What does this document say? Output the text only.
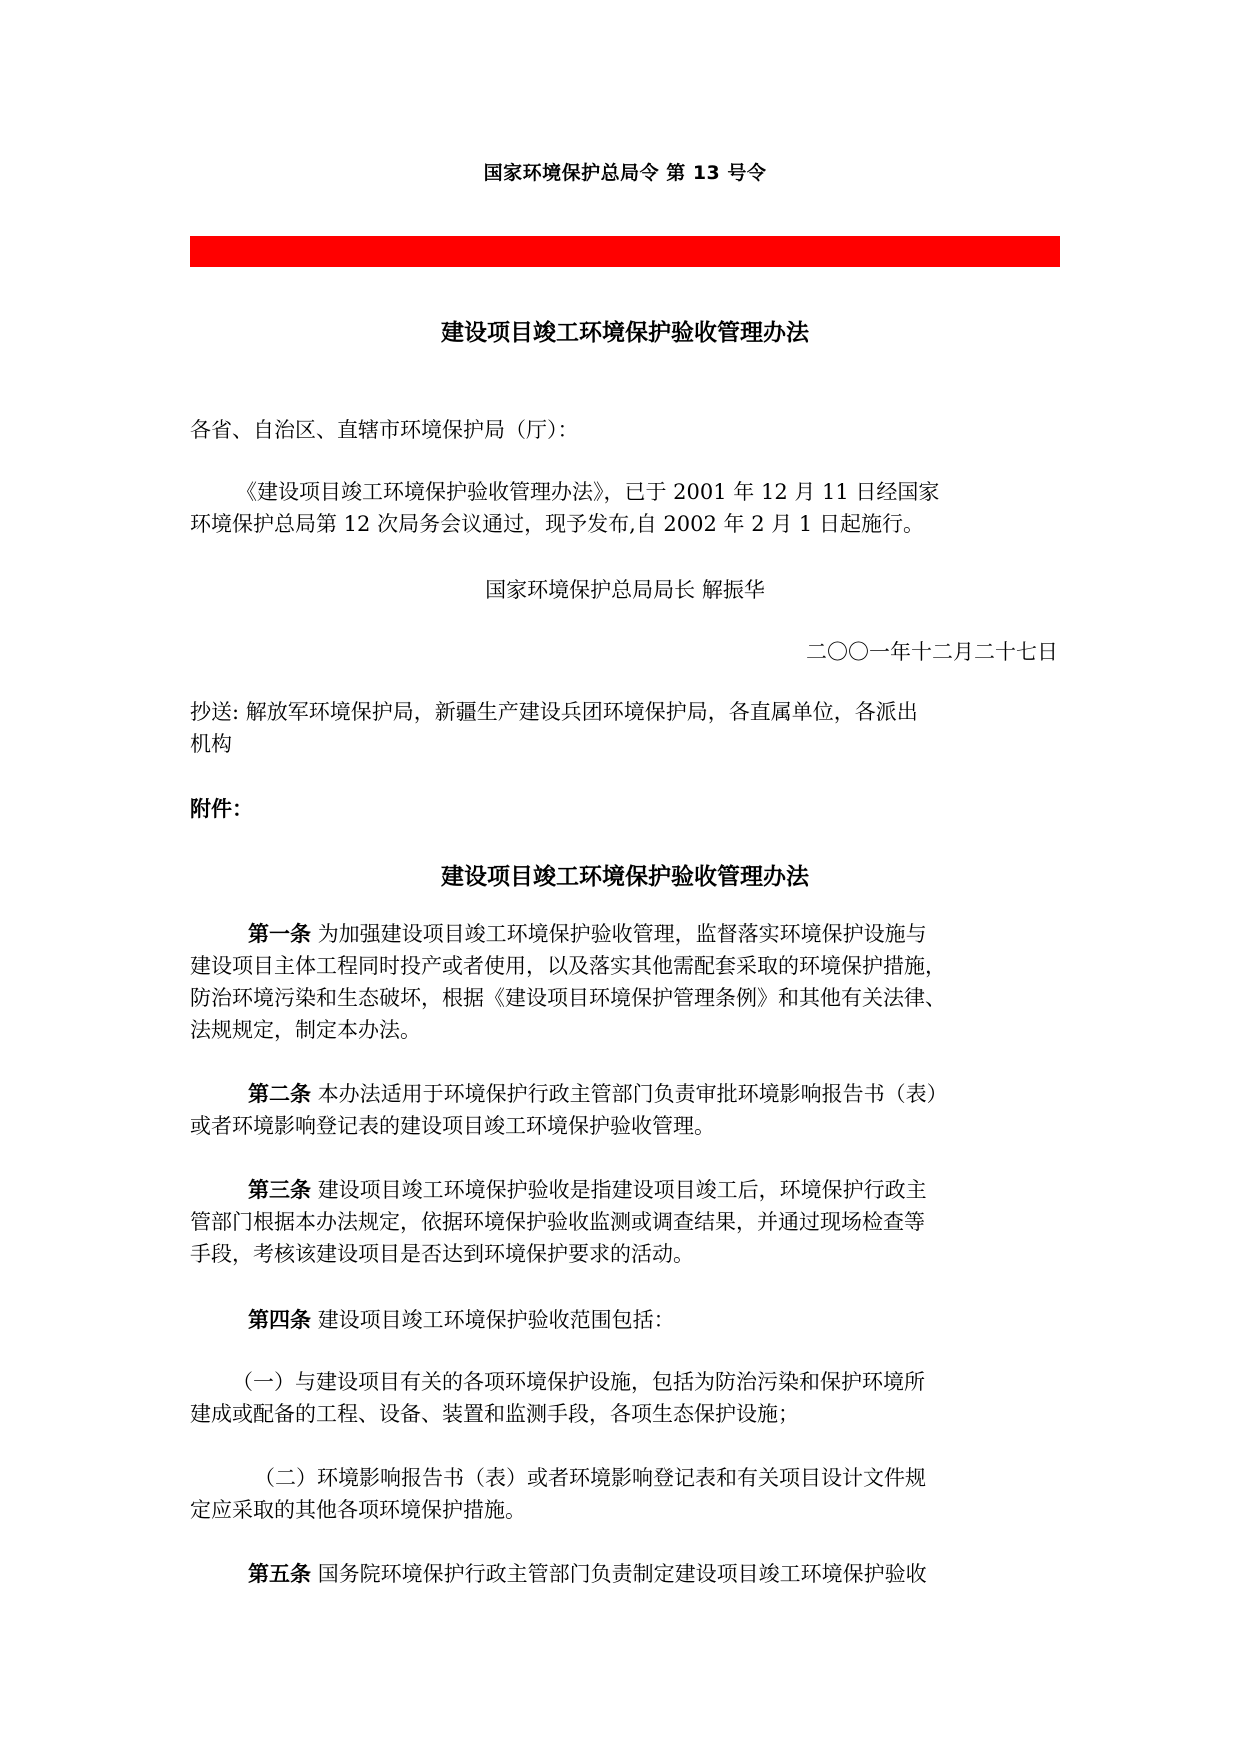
国家环境保护总局令 第 13 号令
建设项目竣工环境保护验收管理办法
各省、自治区、直辖市环境保护局（厅）：
《建设项目竣工环境保护验收管理办法》，已于 2001 年 12 月 11 日经国家
环境保护总局第 12 次局务会议通过，现予发布,自 2002 年 2 月 1 日起施行。
国家环境保护总局局长 解振华
二〇〇一年十二月二十七日
抄送: 解放军环境保护局，新疆生产建设兵团环境保护局，各直属单位，各派出
机构
附件：
建设项目竣工环境保护验收管理办法
第一条 为加强建设项目竣工环境保护验收管理，监督落实环境保护设施与
建设项目主体工程同时投产或者使用，以及落实其他需配套采取的环境保护措施，
防治环境污染和生态破坏，根据《建设项目环境保护管理条例》和其他有关法律、
法规规定，制定本办法。
第二条 本办法适用于环境保护行政主管部门负责审批环境影响报告书（表）
或者环境影响登记表的建设项目竣工环境保护验收管理。
第三条 建设项目竣工环境保护验收是指建设项目竣工后，环境保护行政主
管部门根据本办法规定，依据环境保护验收监测或调查结果，并通过现场检查等
手段，考核该建设项目是否达到环境保护要求的活动。
第四条 建设项目竣工环境保护验收范围包括：
（一）与建设项目有关的各项环境保护设施，包括为防治污染和保护环境所
建成或配备的工程、设备、装置和监测手段，各项生态保护设施；
（二）环境影响报告书（表）或者环境影响登记表和有关项目设计文件规
定应采取的其他各项环境保护措施。
第五条 国务院环境保护行政主管部门负责制定建设项目竣工环境保护验收
